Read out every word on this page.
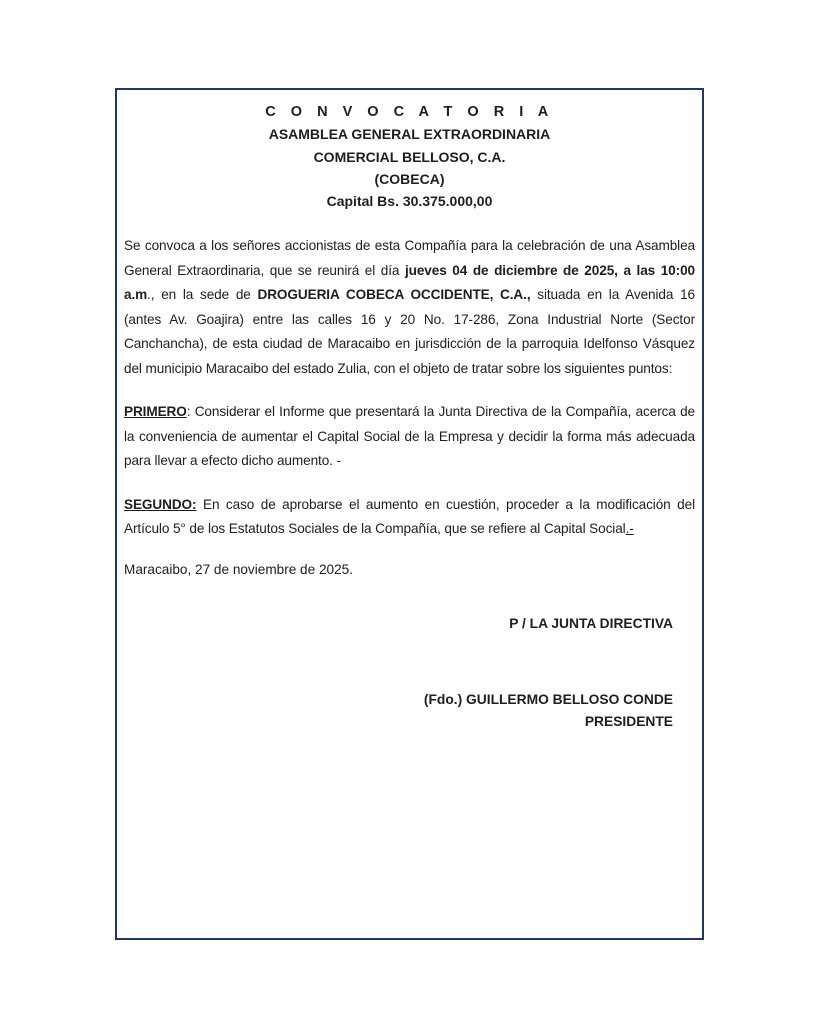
C O N V O C A T O R I A
ASAMBLEA GENERAL EXTRAORDINARIA
COMERCIAL BELLOSO, C.A.
(COBECA)
Capital Bs. 30.375.000,00

Se convoca a los señores accionistas de esta Compañía para la celebración de una Asamblea General Extraordinaria, que se reunirá el día jueves 04 de diciembre de 2025, a las 10:00 a.m., en la sede de DROGUERIA COBECA OCCIDENTE, C.A., situada en la Avenida 16 (antes Av. Goajira) entre las calles 16 y 20 No. 17-286, Zona Industrial Norte (Sector Canchancha), de esta ciudad de Maracaibo en jurisdicción de la parroquia Idelfonso Vásquez del municipio Maracaibo del estado Zulia, con el objeto de tratar sobre los siguientes puntos:

PRIMERO: Considerar el Informe que presentará la Junta Directiva de la Compañía, acerca de la conveniencia de aumentar el Capital Social de la Empresa y decidir la forma más adecuada para llevar a efecto dicho aumento. -

SEGUNDO: En caso de aprobarse el aumento en cuestión, proceder a la modificación del Artículo 5° de los Estatutos Sociales de la Compañía, que se refiere al Capital Social.-

Maracaibo, 27 de noviembre de 2025.

P / LA JUNTA DIRECTIVA
(Fdo.) GUILLERMO BELLOSO CONDE
PRESIDENTE
